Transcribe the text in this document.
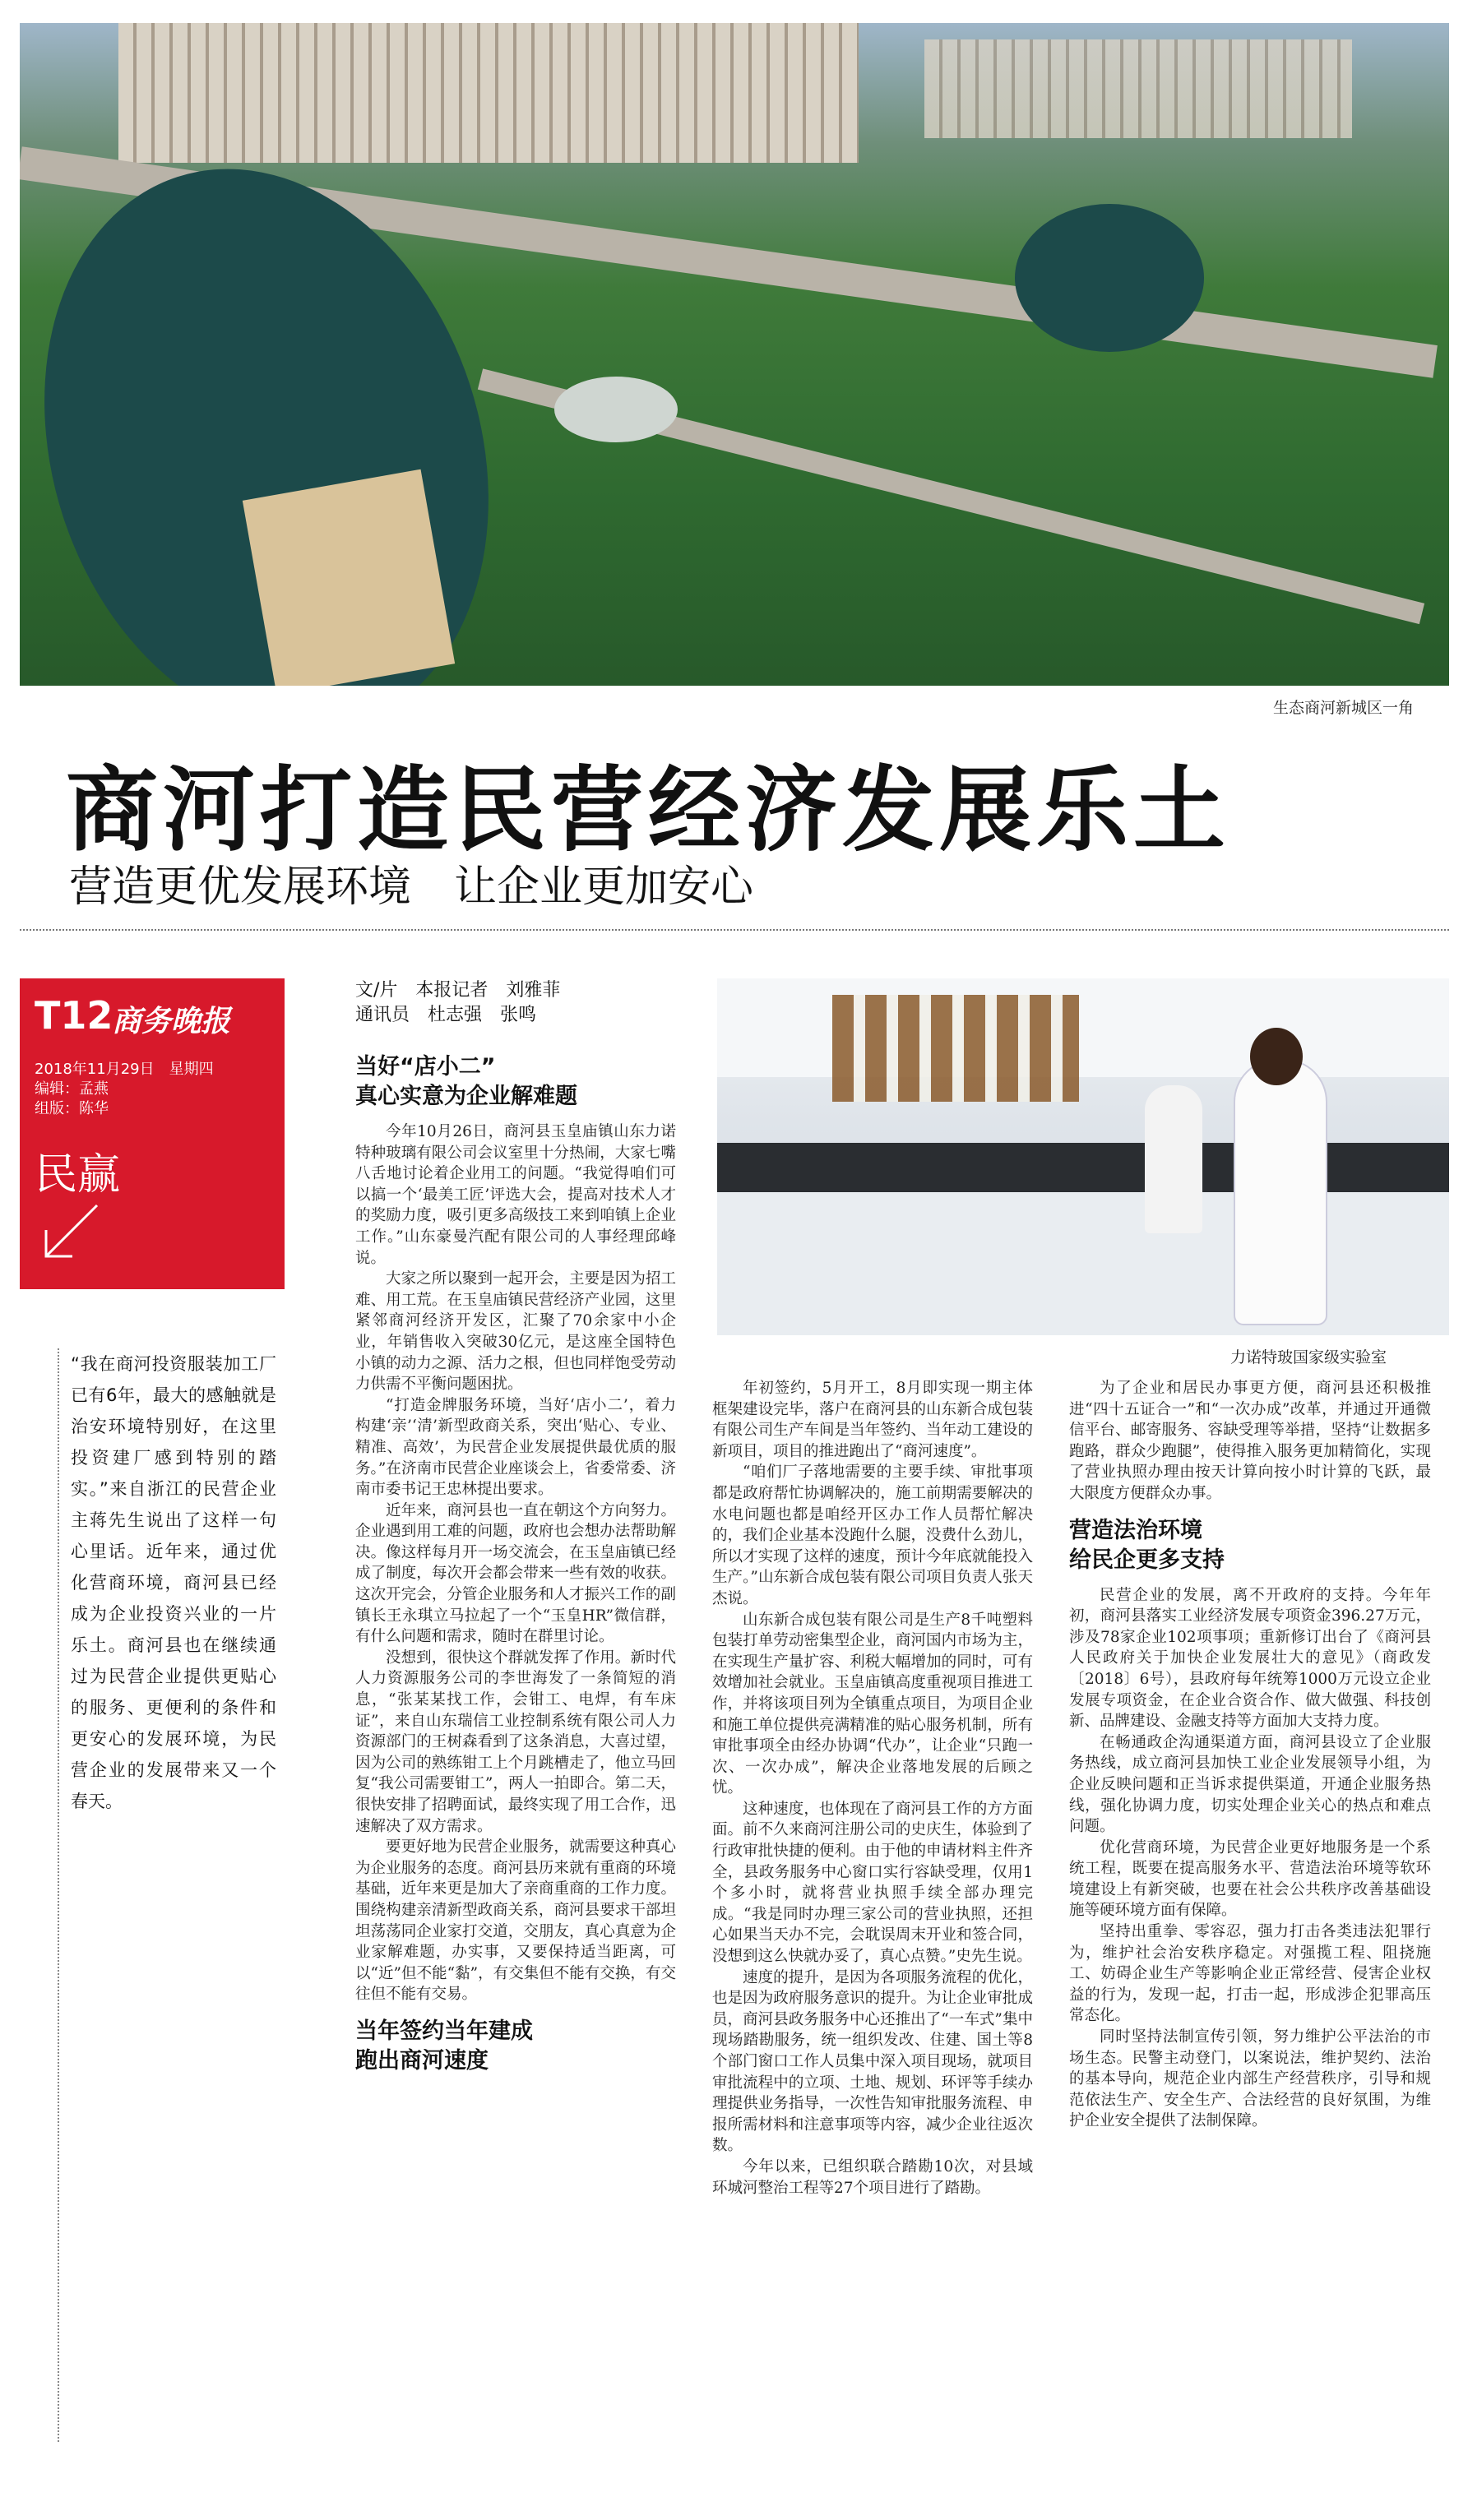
生态商河新城区一角
商河打造民营经济发展乐土
营造更优发展环境　让企业更加安心
T12
商务晚报
2018年11月29日　星期四
编辑：孟燕
组版：陈华
民赢
“我在商河投资服装加工厂已有6年，最大的感触就是治安环境特别好，在这里投资建厂感到特别的踏实。”来自浙江的民营企业主蒋先生说出了这样一句心里话。近年来，通过优化营商环境，商河县已经成为企业投资兴业的一片乐土。商河县也在继续通过为民营企业提供更贴心的服务、更便利的条件和更安心的发展环境，为民营企业的发展带来又一个春天。
力诺特玻国家级实验室
文/片　本报记者　刘雅菲
通讯员　杜志强　张鸣

当好“店小二”

真心实意为企业解难题

今年10月26日，商河县玉皇庙镇山东力诺特种玻璃有限公司会议室里十分热闹，大家七嘴八舌地讨论着企业用工的问题。“我觉得咱们可以搞一个‘最美工匠’评选大会，提高对技术人才的奖励力度，吸引更多高级技工来到咱镇上企业工作。”山东豪曼汽配有限公司的人事经理邱峰说。

大家之所以聚到一起开会，主要是因为招工难、用工荒。在玉皇庙镇民营经济产业园，这里紧邻商河经济开发区，汇聚了70余家中小企业，年销售收入突破30亿元，是这座全国特色小镇的动力之源、活力之根，但也同样饱受劳动力供需不平衡问题困扰。

“打造金牌服务环境，当好‘店小二’，着力构建‘亲’‘清’新型政商关系，突出‘贴心、专业、精准、高效’，为民营企业发展提供最优质的服务。”在济南市民营企业座谈会上，省委常委、济南市委书记王忠林提出要求。

近年来，商河县也一直在朝这个方向努力。企业遇到用工难的问题，政府也会想办法帮助解决。像这样每月开一场交流会，在玉皇庙镇已经成了制度，每次开会都会带来一些有效的收获。这次开完会，分管企业服务和人才振兴工作的副镇长王永琪立马拉起了一个“玉皇HR”微信群，有什么问题和需求，随时在群里讨论。

没想到，很快这个群就发挥了作用。新时代人力资源服务公司的李世海发了一条简短的消息，“张某某找工作，会钳工、电焊，有车床证”，来自山东瑞信工业控制系统有限公司人力资源部门的王树森看到了这条消息，大喜过望，因为公司的熟练钳工上个月跳槽走了，他立马回复“我公司需要钳工”，两人一拍即合。第二天，很快安排了招聘面试，最终实现了用工合作，迅速解决了双方需求。

要更好地为民营企业服务，就需要这种真心为企业服务的态度。商河县历来就有重商的环境基础，近年来更是加大了亲商重商的工作力度。围绕构建亲清新型政商关系，商河县要求干部坦坦荡荡同企业家打交道，交朋友，真心真意为企业家解难题，办实事，又要保持适当距离，可以“近”但不能“黏”，有交集但不能有交换，有交往但不能有交易。

当年签约当年建成

跑出商河速度

年初签约，5月开工，8月即实现一期主体框架建设完毕，落户在商河县的山东新合成包装有限公司生产车间是当年签约、当年动工建设的新项目，项目的推进跑出了“商河速度”。

“咱们厂子落地需要的主要手续、审批事项都是政府帮忙协调解决的，施工前期需要解决的水电问题也都是咱经开区办工作人员帮忙解决的，我们企业基本没跑什么腿，没费什么劲儿，所以才实现了这样的速度，预计今年底就能投入生产。”山东新合成包装有限公司项目负责人张天杰说。

山东新合成包装有限公司是生产8千吨塑料包装打单劳动密集型企业，商河国内市场为主，在实现生产量扩容、利税大幅增加的同时，可有效增加社会就业。玉皇庙镇高度重视项目推进工作，并将该项目列为全镇重点项目，为项目企业和施工单位提供亮满精准的贴心服务机制，所有审批事项全由经办协调“代办”，让企业“只跑一次、一次办成”，解决企业落地发展的后顾之忧。

这种速度，也体现在了商河县工作的方方面面。前不久来商河注册公司的史庆生，体验到了行政审批快捷的便利。由于他的申请材料主件齐全，县政务服务中心窗口实行容缺受理，仅用1个多小时，就将营业执照手续全部办理完成。“我是同时办理三家公司的营业执照，还担心如果当天办不完，会耽误周末开业和签合同，没想到这么快就办妥了，真心点赞。”史先生说。

速度的提升，是因为各项服务流程的优化，也是因为政府服务意识的提升。为让企业审批成员，商河县政务服务中心还推出了“一车式”集中现场踏勘服务，统一组织发改、住建、国土等8个部门窗口工作人员集中深入项目现场，就项目审批流程中的立项、土地、规划、环评等手续办理提供业务指导，一次性告知审批服务流程、申报所需材料和注意事项等内容，减少企业往返次数。

今年以来，已组织联合踏勘10次，对县域环城河整治工程等27个项目进行了踏勘。

为了企业和居民办事更方便，商河县还积极推进“四十五证合一”和“一次办成”改革，并通过开通微信平台、邮寄服务、容缺受理等举措，坚持“让数据多跑路，群众少跑腿”，使得推入服务更加精简化，实现了营业执照办理由按天计算向按小时计算的飞跃，最大限度方便群众办事。

营造法治环境

给民企更多支持

民营企业的发展，离不开政府的支持。今年年初，商河县落实工业经济发展专项资金396.27万元，涉及78家企业102项事项；重新修订出台了《商河县人民政府关于加快企业发展壮大的意见》（商政发〔2018〕6号），县政府每年统筹1000万元设立企业发展专项资金，在企业合资合作、做大做强、科技创新、品牌建设、金融支持等方面加大支持力度。

在畅通政企沟通渠道方面，商河县设立了企业服务热线，成立商河县加快工业企业发展领导小组，为企业反映问题和正当诉求提供渠道，开通企业服务热线，强化协调力度，切实处理企业关心的热点和难点问题。

优化营商环境，为民营企业更好地服务是一个系统工程，既要在提高服务水平、营造法治环境等软环境建设上有新突破，也要在社会公共秩序改善基础设施等硬环境方面有保障。

坚持出重拳、零容忍，强力打击各类违法犯罪行为，维护社会治安秩序稳定。对强揽工程、阻挠施工、妨碍企业生产等影响企业正常经营、侵害企业权益的行为，发现一起，打击一起，形成涉企犯罪高压常态化。

同时坚持法制宣传引领，努力维护公平法治的市场生态。民警主动登门，以案说法，维护契约、法治的基本导向，规范企业内部生产经营秩序，引导和规范依法生产、安全生产、合法经营的良好氛围，为维护企业安全提供了法制保障。
